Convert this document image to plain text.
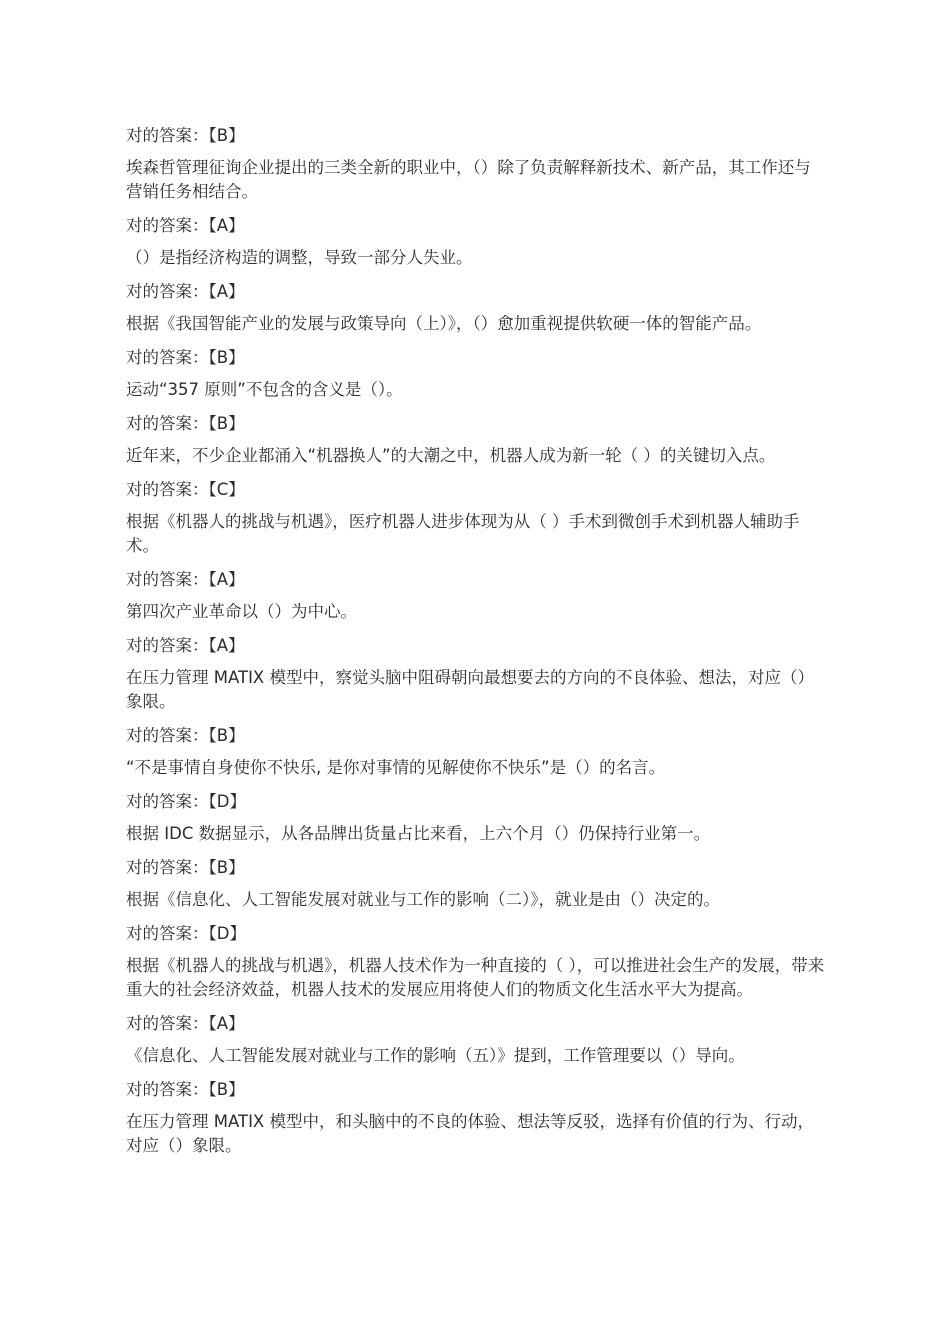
对的答案：【B】

埃森哲管理征询企业提出的三类全新的职业中，（）除了负责解释新技术、新产品，其工作还与营销任务相结合。

对的答案：【A】

（）是指经济构造的调整，导致一部分人失业。

对的答案：【A】

根据《我国智能产业的发展与政策导向（上）》，（）愈加重视提供软硬一体的智能产品。

对的答案：【B】

运动“357 原则”不包含的含义是（）。

对的答案：【B】

近年来，不少企业都涌入“机器换人”的大潮之中，机器人成为新一轮（ ）的关键切入点。

对的答案：【C】

根据《机器人的挑战与机遇》，医疗机器人进步体现为从（ ）手术到微创手术到机器人辅助手术。

对的答案：【A】

第四次产业革命以（）为中心。

对的答案：【A】

在压力管理 MATIX 模型中，察觉头脑中阻碍朝向最想要去的方向的不良体验、想法，对应（）象限。

对的答案：【B】

“不是事情自身使你不快乐, 是你对事情的见解使你不快乐”是（）的名言。

对的答案：【D】

根据 IDC 数据显示，从各品牌出货量占比来看，上六个月（）仍保持行业第一。

对的答案：【B】

根据《信息化、人工智能发展对就业与工作的影响（二）》，就业是由（）决定的。

对的答案：【D】

根据《机器人的挑战与机遇》，机器人技术作为一种直接的（ ），可以推进社会生产的发展，带来重大的社会经济效益，机器人技术的发展应用将使人们的物质文化生活水平大为提高。

对的答案：【A】

《信息化、人工智能发展对就业与工作的影响（五）》提到，工作管理要以（）导向。

对的答案：【B】

在压力管理 MATIX 模型中，和头脑中的不良的体验、想法等反驳，选择有价值的行为、行动，对应（）象限。
